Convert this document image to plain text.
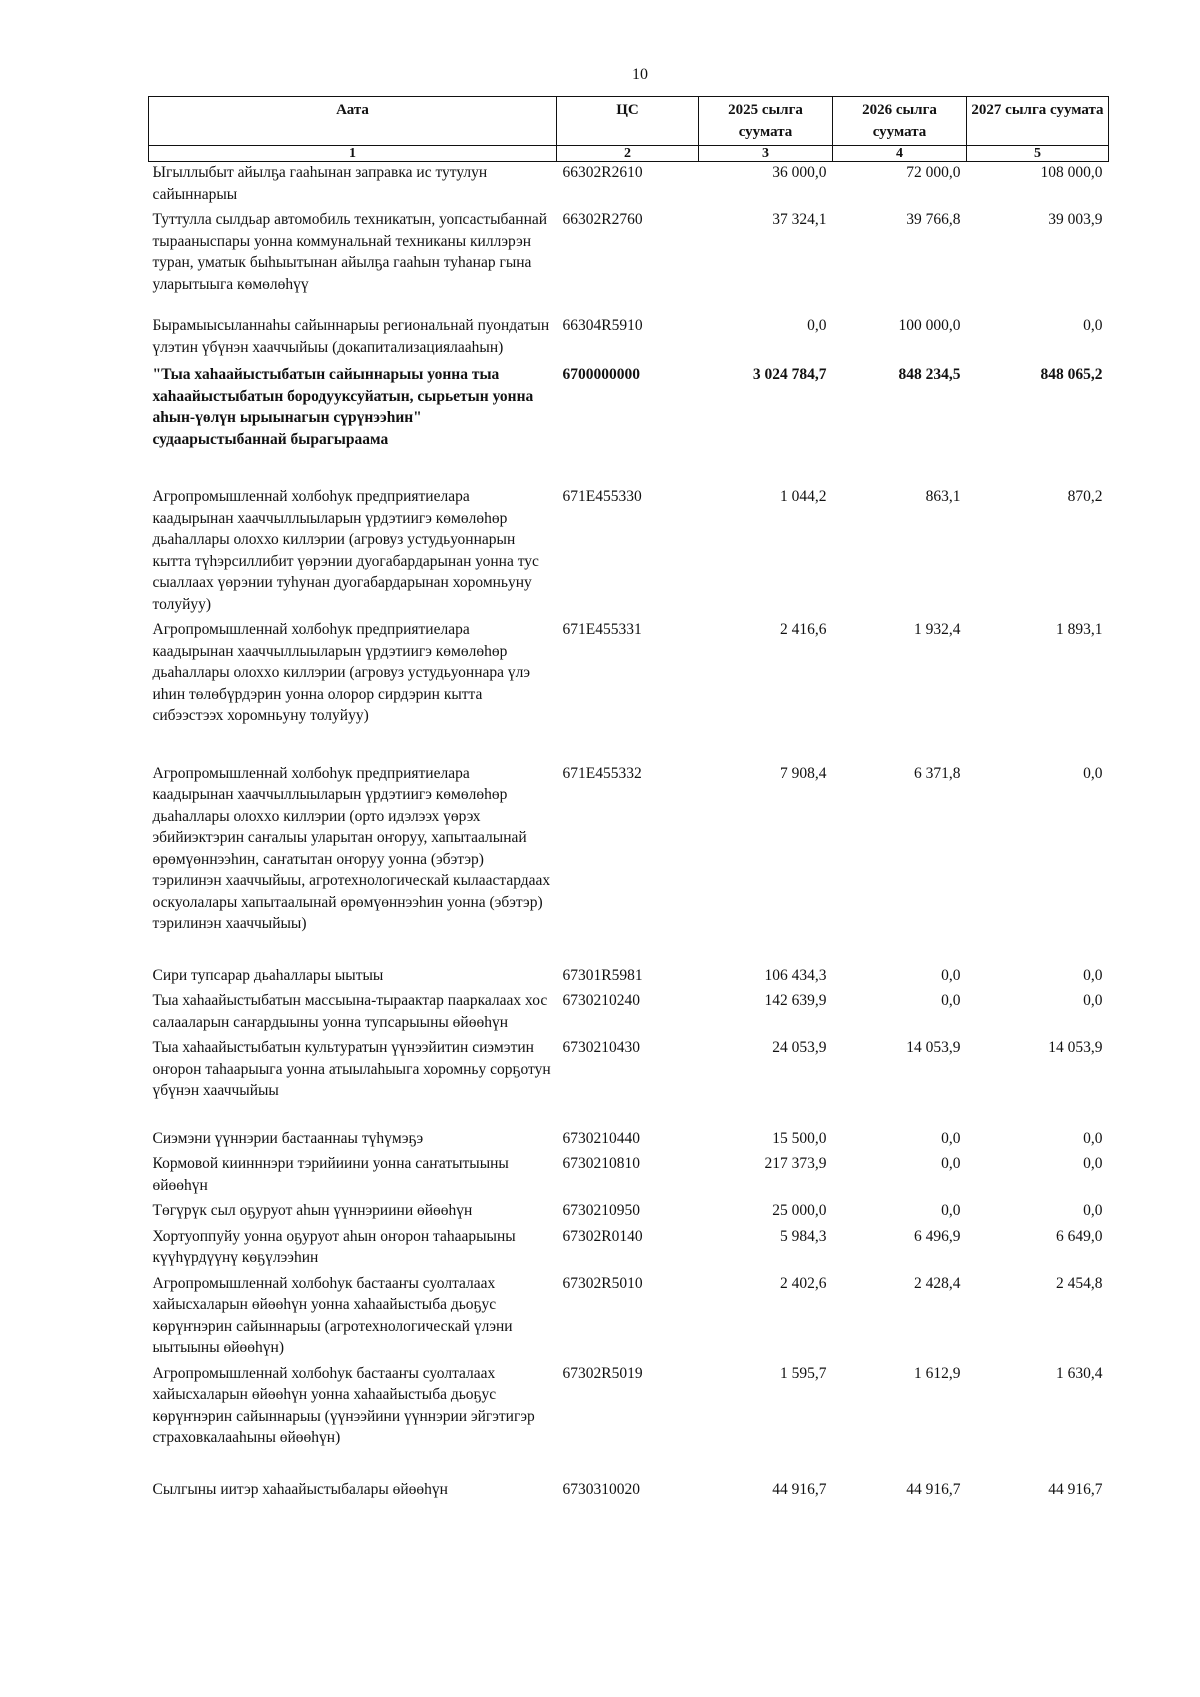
10
Аата	ЦС	2025 сылга суумата	2026 сылга суумата	2027 сылга суумата
1	2	3	4	5
Ыгыллыбыт айылҕа гааһынан заправка ис тутулун сайыннарыы	66302R2610	36 000,0	72 000,0	108 000,0
Туттулла сылдьар автомобиль техникатын, уопсастыбаннай тырааныспары уонна коммунальнай техниканы киллэрэн туран, уматык быһыытынан айылҕа гааһын туһанар гына уларытыыга көмөлөһүү	66302R2760	37 324,1	39 766,8	39 003,9
Бырамыысыланнаһы сайыннарыы региональнай пуондатын үлэтин үбүнэн хааччыйыы (докапитализациялааһын)	66304R5910	0,0	100 000,0	0,0
"Тыа хаһаайыстыбатын сайыннарыы уонна тыа хаһаайыстыбатын бородууксуйатын, сырьетын уонна аһын-үөлүн ырыынагын сүрүнээһин" судаарыстыбаннай бырагыраама	6700000000	3 024 784,7	848 234,5	848 065,2
Агропромышленнай холбоһук предприятиелара каадырынан хааччыллыыларын үрдэтиигэ көмөлөһөр дьаһаллары олоххо киллэрии (агровуз устудьуоннарын кытта түһэрсиллибит үөрэнии дуогабардарынан уонна тус сыаллаах үөрэнии туһунан дуогабардарынан хоромньуну толуйуу)	671E455330	1 044,2	863,1	870,2
Агропромышленнай холбоһук предприятиелара каадырынан хааччыллыыларын үрдэтиигэ көмөлөһөр дьаһаллары олохxо киллэрии (агровуз устудьуоннара үлэ иһин төлөбүрдэрин уонна олорор сирдэрин кытта сибээстээх хоромньуну толуйуу)	671E455331	2 416,6	1 932,4	1 893,1
Агропромышленнай холбоһук предприятиелара каадырынан хааччыллыыларын үрдэтиигэ көмөлөһөр дьаһаллары олохxо киллэрии (орто идэлээх үөрэх эбийиэктэрин саҥалыы уларытан оҥоруу, хапытаалынай өрөмүөннээһин, саҥатытан оҥоруу уонна (эбэтэр) тэрилинэн хааччыйыы, агротехнологическай кылаастардаах оскуолалары хапытаалынай өрөмүөннээһин уонна (эбэтэр) тэрилинэн хааччыйыы)	671E455332	7 908,4	6 371,8	0,0
Сири тупсарар дьаһаллары ыытыы	67301R5981	106 434,3	0,0	0,0
Тыа хаһаайыстыбатын массыына-тыраактар пааркалаах хос салааларын саҥардыыны уонна тупсарыыны өйөөһүн	6730210240	142 639,9	0,0	0,0
Тыа хаһаайыстыбатын культуратын үүнээйитин сиэмэтин оҥорон таһаарыыга уонна атыылаһыыга хоромньу сорҕотун үбүнэн хааччыйыы	6730210430	24 053,9	14 053,9	14 053,9
Сиэмэни үүннэрии бастааннаы түһүмэҕэ	6730210440	15 500,0	0,0	0,0
Кормовой киинннэри тэрийиини уонна саҥатытыыны өйөөһүн	6730210810	217 373,9	0,0	0,0
Төгүрүк сыл оҕуруот аһын үүннэриини өйөөһүн	6730210950	25 000,0	0,0	0,0
Хортуоппуйу уонна оҕуруот аһын оҥорон таһаарыыны күүһүрдүүнү көҕүлээһин	67302R0140	5 984,3	6 496,9	6 649,0
Агропромышленнай холбоһук бастааҥы суолталаах хайысхаларын өйөөһүн уонна хаһаайыстыба дьоҕус көрүҥнэрин сайыннарыы (агротехнологическай үлэни ыытыыны өйөөһүн)	67302R5010	2 402,6	2 428,4	2 454,8
Агропромышленнай холбоһук бастааҥы суолталаах хайысхаларын өйөөһүн уонна хаһаайыстыба дьоҕус көрүҥнэрин сайыннарыы (үүнээйини үүннэрии эйгэтигэр страховкалааһыны өйөөһүн)	67302R5019	1 595,7	1 612,9	1 630,4
Сылгыны иитэр хаһаайыстыбалары өйөөһүн	6730310020	44 916,7	44 916,7	44 916,7
